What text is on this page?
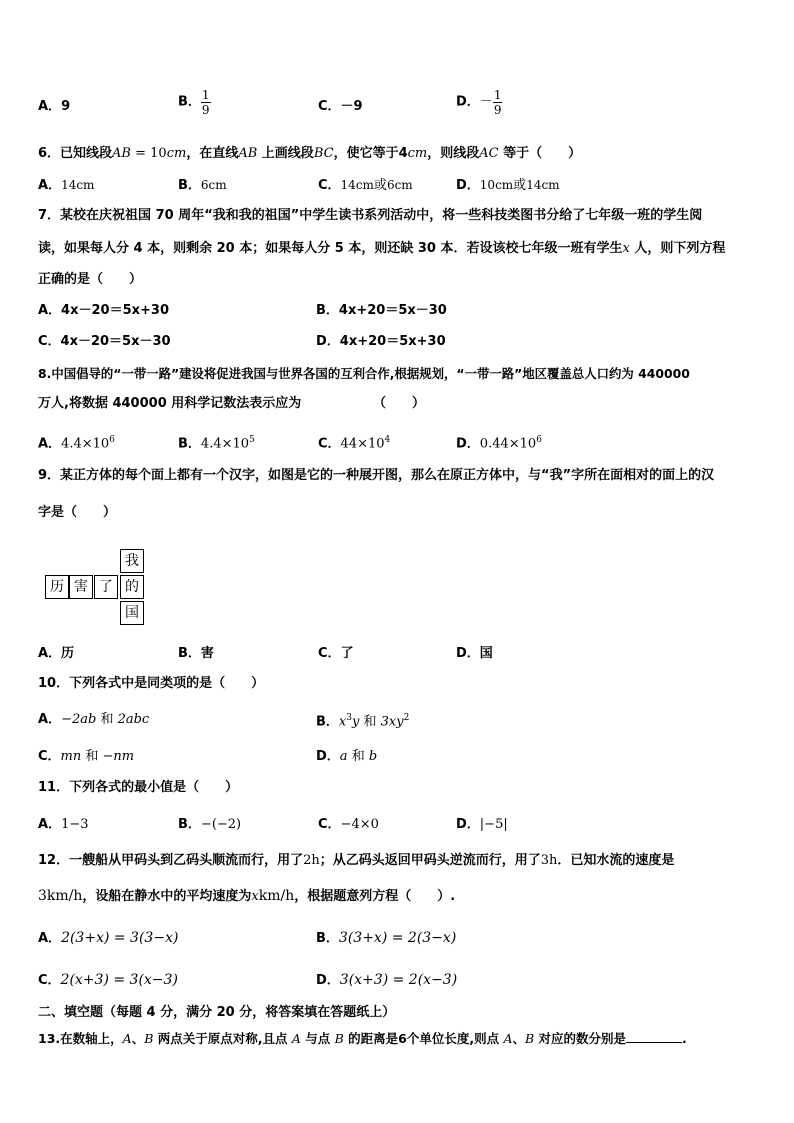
A．9	B． $\frac{1}{9}$	C．－9	D．－ $\frac{1}{9}$
6．已知线段AB = 10cm，在直线AB 上画线段BC，使它等于4cm，则线段AC 等于（　　）
A．14cm	B．6cm	C．14cm或6cm	D．10cm或14cm
7．某校在庆祝祖国 70 周年“我和我的祖国”中学生读书系列活动中，将一些科技类图书分给了七年级一班的学生阅
读，如果每人分 4 本，则剩余 20 本；如果每人分 5 本，则还缺 30 本．若设该校七年级一班有学生x 人，则下列方程
正确的是（　　）
A．4x－20＝5x+30	B．4x+20＝5x－30
C．4x－20＝5x－30	D．4x+20＝5x+30
8.中国倡导的“一带一路”建设将促进我国与世界各国的互利合作,根据规划，“一带一路”地区覆盖总人口约为 440000
万人,将数据 440000 用科学记数法表示应为	（　　）
A．$4.4\times 10^6$	B．$4.4\times 10^5$	C．$44\times 10^4$	D．$0.44\times 10^6$
9．某正方体的每个面上都有一个汉字，如图是它的一种展开图，那么在原正方体中，与“我”字所在面相对的面上的汉
字是（　　）
我
历 害 了 的
国
A．历	B．害	C．了	D．国
10．下列各式中是同类项的是（　　）
A．−2ab 和 2abc	B．$x^3y$ 和 $3xy^2$
C．mn 和 −nm	D．a 和 b
11．下列各式的最小值是（　　）
A．1−3	B．−(−2)	C．−4×0	D．|−5|
12．一艘船从甲码头到乙码头顺流而行，用了2h；从乙码头返回甲码头逆流而行，用了3h．已知水流的速度是
3km/h，设船在静水中的平均速度为xkm/h，根据题意列方程（　　）.
A．2(3+x) = 3(3−x)	B．3(3+x) = 2(3−x)
C．2(x+3) = 3(x−3)	D．3(x+3) = 2(x−3)
二、填空题（每题 4 分，满分 20 分，将答案填在答题纸上）
13.在数轴上，A、B 两点关于原点对称,且点 A 与点 B 的距离是6个单位长度,则点 A、B 对应的数分别是	.
